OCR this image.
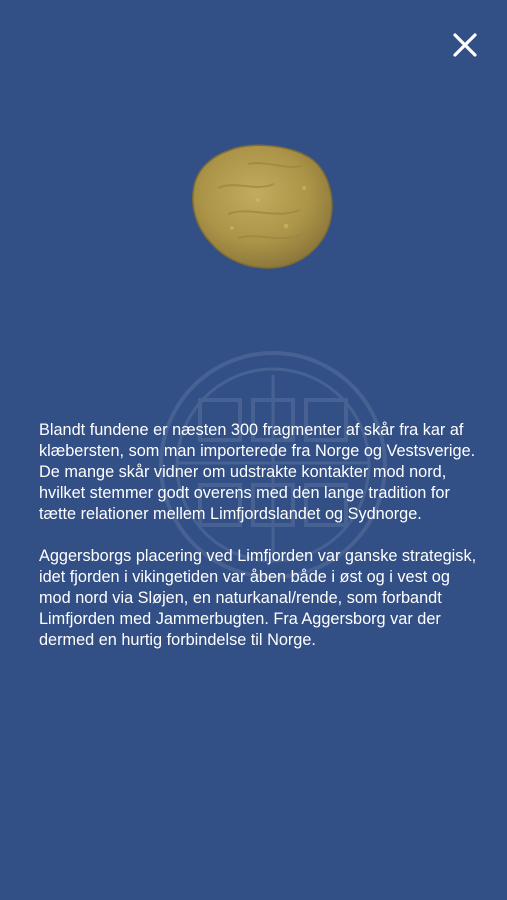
Blandt fundene er næsten 300 fragmenter af skår fra kar af klæbersten, som man importerede fra Norge og Vestsverige. De mange skår vidner om udstrakte kontakter mod nord, hvilket stemmer godt overens med den lange tradition for tætte relationer mellem Limfjordslandet og Sydnorge.

Aggersborgs placering ved Limfjorden var ganske strategisk, idet fjorden i vikingetiden var åben både i øst og i vest og mod nord via Sløjen, en naturkanal/rende, som forbandt Limfjorden med Jammerbugten. Fra Aggersborg var der dermed en hurtig forbindelse til Norge.
